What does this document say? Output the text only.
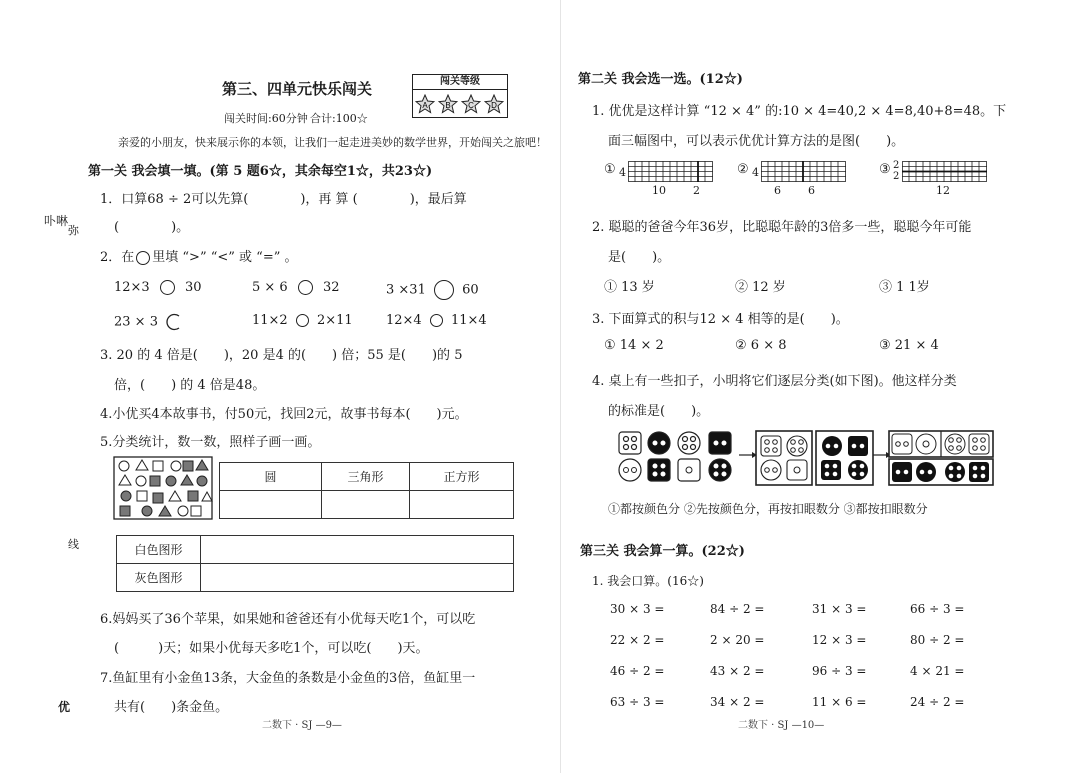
第三、四单元快乐闯关	闯关等级
A B C D
闯关时间:60分钟 合计:100☆
亲爱的小朋友，快来展示你的本领，让我们一起走进美妙的数学世界，开始闯关之旅吧！
卟啉
弥
线
优
第一关 我会填一填。(第 5 题6☆，其余每空1☆，共23☆)
1．口算68 ÷ 2可以先算(　　　　)，再 算 (　　　　)，最后算
(　　　　)。
2．在 里填 “>” “<” 或 “=” 。
12×3	30	5 × 6	32	3 ×31	60
23 × 3	11×2 2×11	12×4 11×4
3. 20 的 4 倍是(　　)，20 是4 的(　　) 倍；55 是(　　)的 5
倍，(　　) 的 4 倍是48。
4.小优买4本故事书，付50元，找回2元，故事书每本(　　)元。
5.分类统计，数一数，照样子画一画。
圆	三角形	正方形

白色图形	
灰色图形	
6.妈妈买了36个苹果，如果她和爸爸还有小优每天吃1个，可以吃
(　　　)天；如果小优每天多吃1个，可以吃(　　)天。
7.鱼缸里有小金鱼13条，大金鱼的条数是小金鱼的3倍，鱼缸里一
共有(　　)条金鱼。
二数下 · SJ —9—
第二关 我会选一选。(12☆)
1. 优优是这样计算 “12 × 4” 的:10 × 4=40,2 × 4=8,40+8=48。下
面三幅图中，可以表示优优计算方法的是图(　　)。
① 4
10 2
② 4
6 6
③ 2 2
12
2. 聪聪的爸爸今年36岁，比聪聪年龄的3倍多一些，聪聪今年可能
是(　　)。
① 13 岁	② 12 岁	③ 1 1岁
3. 下面算式的积与12 × 4 相等的是(　　)。
① 14 × 2	② 6 × 8	③ 21 × 4
4. 桌上有一些扣子，小明将它们逐层分类(如下图)。他这样分类
的标准是(　　)。
①都按颜色分 ②先按颜色分，再按扣眼数分 ③都按扣眼数分
第三关 我会算一算。(22☆)
1. 我会口算。(16☆)
30 × 3 =	84 ÷ 2 =	31 × 3 =	66 ÷ 3 =
22 × 2 =	2 × 20 =	12 × 3 =	80 ÷ 2 =
46 ÷ 2 =	43 × 2 =	96 ÷ 3 =	4 × 21 =
63 ÷ 3 =	34 × 2 =	11 × 6 =	24 ÷ 2 =
二数下 · SJ —10—
